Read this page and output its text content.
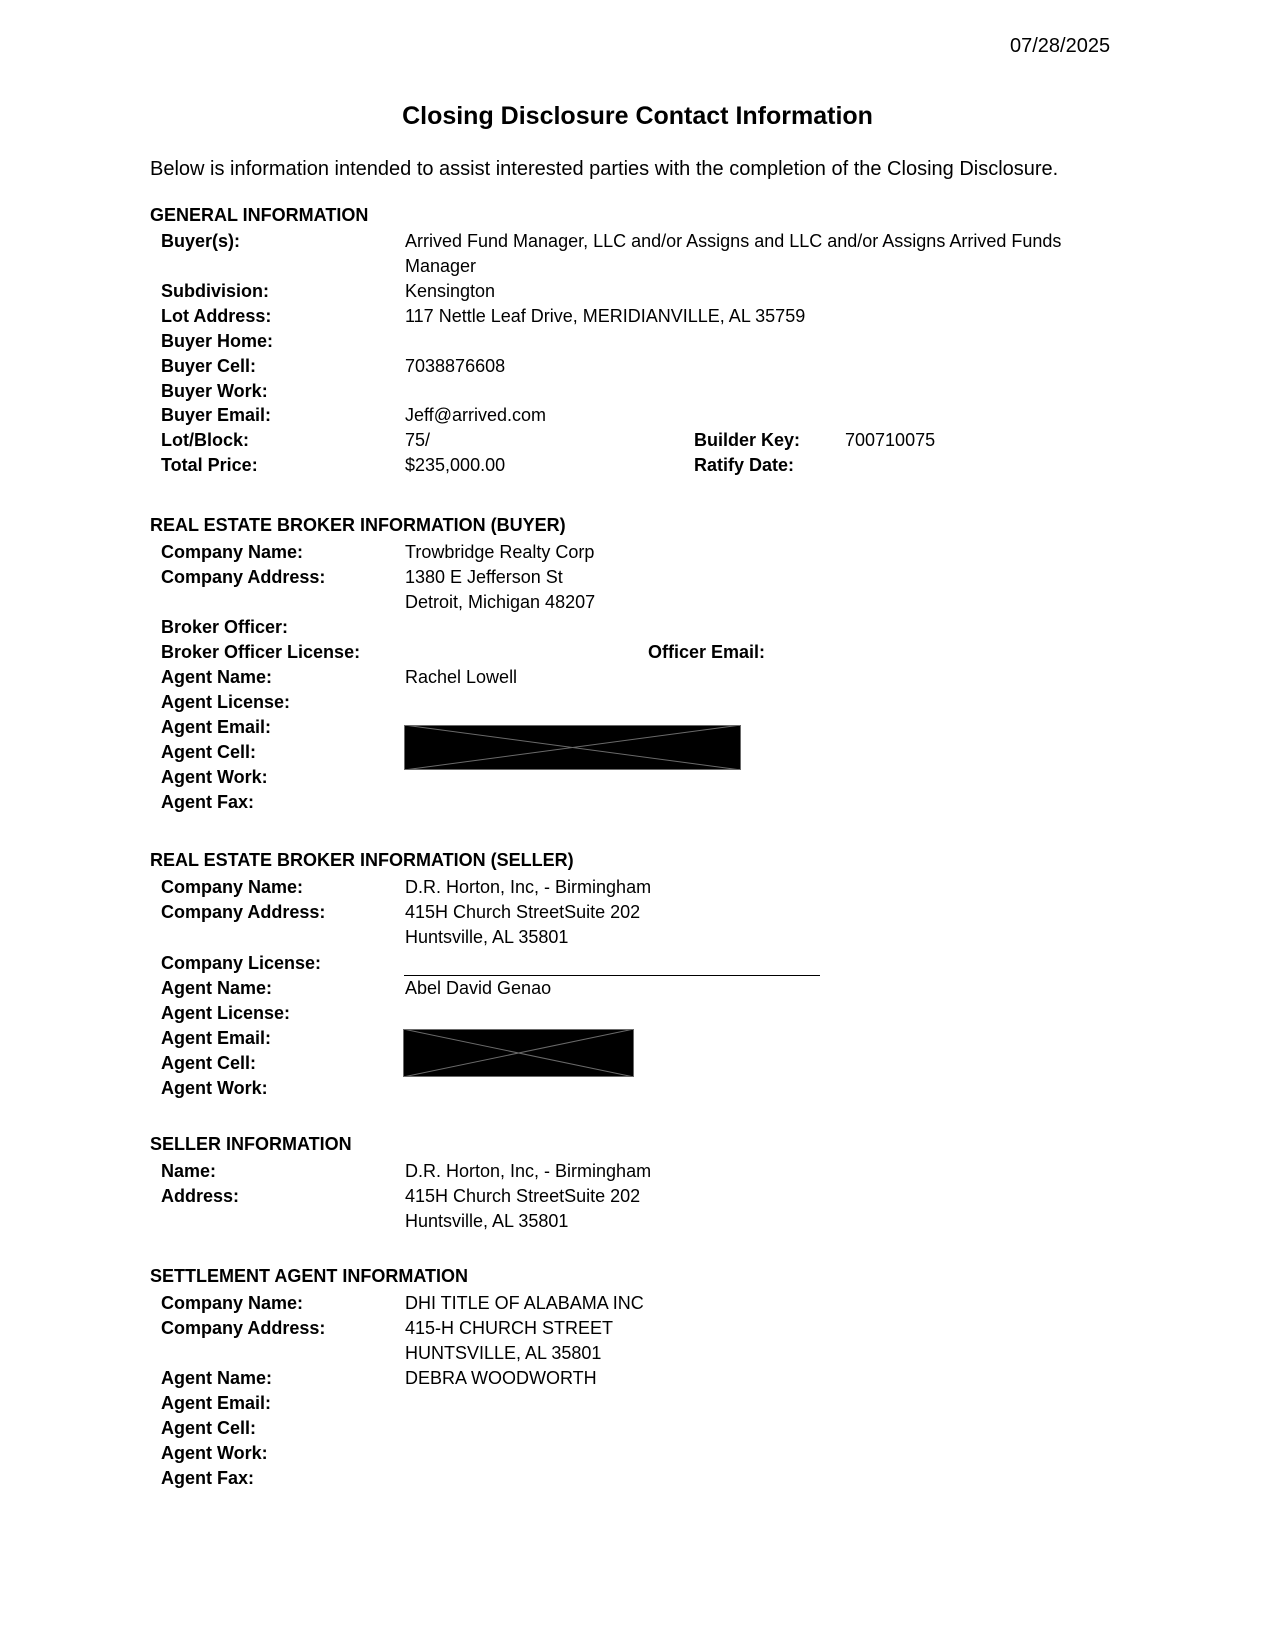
07/28/2025
Closing Disclosure Contact Information
Below is information intended to assist interested parties with the completion of the Closing Disclosure.
GENERAL INFORMATION
Buyer(s):	Arrived Fund Manager, LLC and/or Assigns and LLC and/or Assigns Arrived Funds
Manager
Subdivision:	Kensington
Lot Address:	117 Nettle Leaf Drive, MERIDIANVILLE, AL 35759
Buyer Home:
Buyer Cell:	7038876608
Buyer Work:
Buyer Email:	Jeff@arrived.com
Lot/Block:	75/	Builder Key: 700710075
Total Price:	$235,000.00	Ratify Date:
REAL ESTATE BROKER INFORMATION (BUYER)
Company Name:	Trowbridge Realty Corp
Company Address:	1380 E Jefferson St
Detroit, Michigan 48207
Broker Officer:
Broker Officer License:	Officer Email:
Agent Name:	Rachel Lowell
Agent License:
Agent Email:
Agent Cell:
Agent Work:
Agent Fax:
REAL ESTATE BROKER INFORMATION (SELLER)
Company Name:	D.R. Horton, Inc, - Birmingham
Company Address:	415H Church StreetSuite 202
Huntsville, AL 35801
Company License:
Agent Name:	Abel David Genao
Agent License:
Agent Email:
Agent Cell:
Agent Work:
SELLER INFORMATION
Name:	D.R. Horton, Inc, - Birmingham
Address:	415H Church StreetSuite 202
Huntsville, AL 35801
SETTLEMENT AGENT INFORMATION
Company Name:	DHI TITLE OF ALABAMA INC
Company Address:	415-H CHURCH STREET
HUNTSVILLE, AL 35801
Agent Name:	DEBRA WOODWORTH
Agent Email:
Agent Cell:
Agent Work:
Agent Fax:
